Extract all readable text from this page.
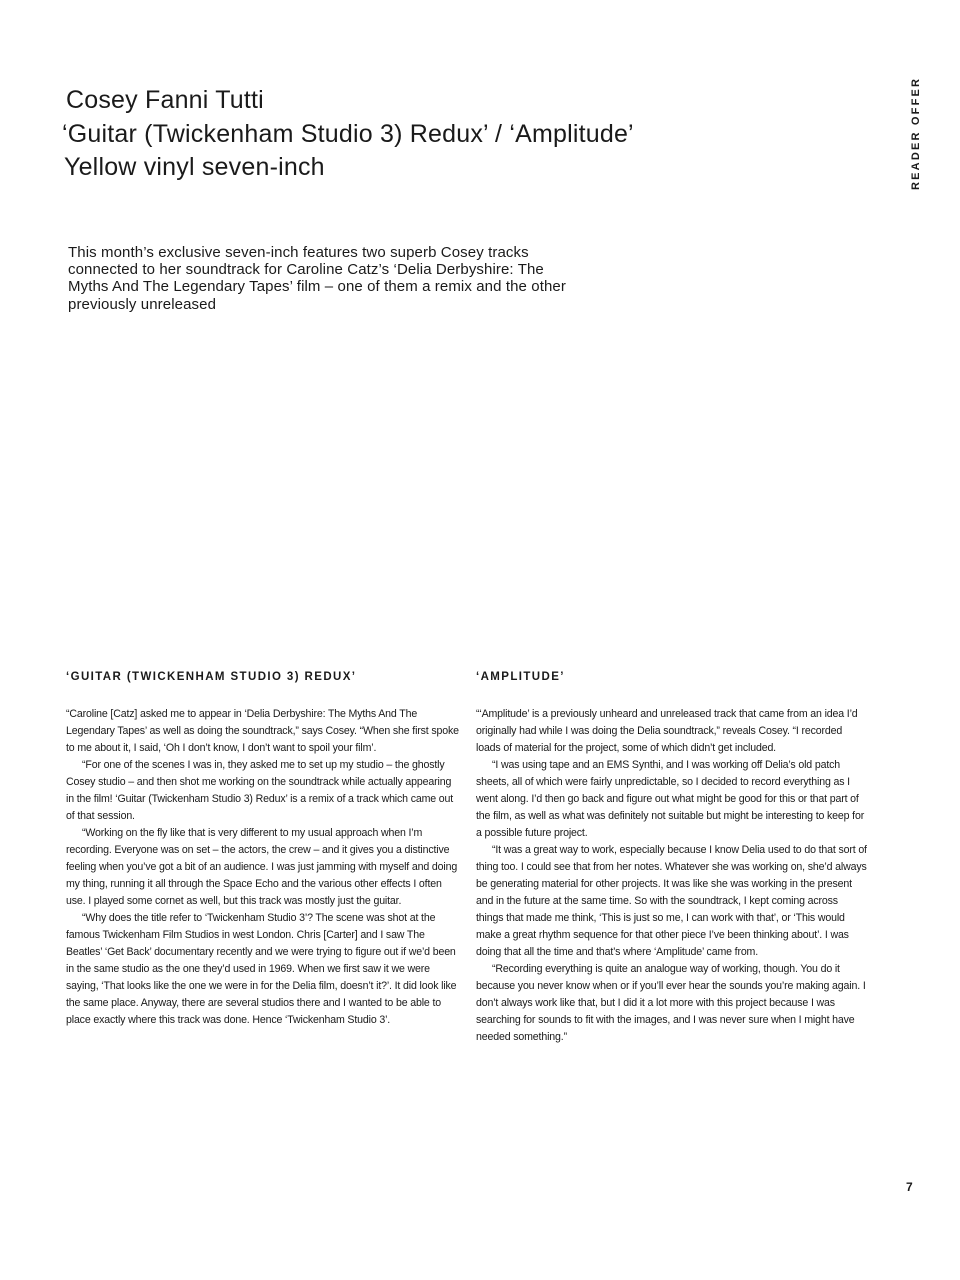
Cosey Fanni Tutti
‘Guitar (Twickenham Studio 3) Redux’ / ‘Amplitude’
Yellow vinyl seven-inch	READER OFFER
This month’s exclusive seven-inch features two superb Cosey tracks connected to her soundtrack for Caroline Catz’s ‘Delia Derbyshire: The Myths And The Legendary Tapes’ film – one of them a remix and the other previously unreleased
‘GUITAR (TWICKENHAM STUDIO 3) REDUX’

“Caroline [Catz] asked me to appear in ‘Delia Derbyshire: The Myths And The Legendary Tapes’ as well as doing the soundtrack,” says Cosey. “When she first spoke to me about it, I said, ‘Oh I don’t know, I don’t want to spoil your film’.

“For one of the scenes I was in, they asked me to set up my studio – the ghostly Cosey studio – and then shot me working on the soundtrack while actually appearing in the film! ‘Guitar (Twickenham Studio 3) Redux’ is a remix of a track which came out of that session.

“Working on the fly like that is very different to my usual approach when I’m recording. Everyone was on set – the actors, the crew – and it gives you a distinctive feeling when you’ve got a bit of an audience. I was just jamming with myself and doing my thing, running it all through the Space Echo and the various other effects I often use. I played some cornet as well, but this track was mostly just the guitar.

“Why does the title refer to ‘Twickenham Studio 3’? The scene was shot at the famous Twickenham Film Studios in west London. Chris [Carter] and I saw The Beatles’ ‘Get Back’ documentary recently and we were trying to figure out if we’d been in the same studio as the one they’d used in 1969. When we first saw it we were saying, ‘That looks like the one we were in for the Delia film, doesn’t it?’. It did look like the same place. Anyway, there are several studios there and I wanted to be able to place exactly where this track was done. Hence ‘Twickenham Studio 3’.

‘AMPLITUDE’

“‘Amplitude’ is a previously unheard and unreleased track that came from an idea I’d originally had while I was doing the Delia soundtrack,” reveals Cosey. “I recorded loads of material for the project, some of which didn’t get included.

“I was using tape and an EMS Synthi, and I was working off Delia’s old patch sheets, all of which were fairly unpredictable, so I decided to record everything as I went along. I’d then go back and figure out what might be good for this or that part of the film, as well as what was definitely not suitable but might be interesting to keep for a possible future project.

“It was a great way to work, especially because I know Delia used to do that sort of thing too. I could see that from her notes. Whatever she was working on, she’d always be generating material for other projects. It was like she was working in the present and in the future at the same time. So with the soundtrack, I kept coming across things that made me think, ‘This is just so me, I can work with that’, or ‘This would make a great rhythm sequence for that other piece I’ve been thinking about’. I was doing that all the time and that’s where ‘Amplitude’ came from.

“Recording everything is quite an analogue way of working, though. You do it because you never know when or if you’ll ever hear the sounds you’re making again. I don’t always work like that, but I did it a lot more with this project because I was searching for sounds to fit with the images, and I was never sure when I might have needed something.”

7
